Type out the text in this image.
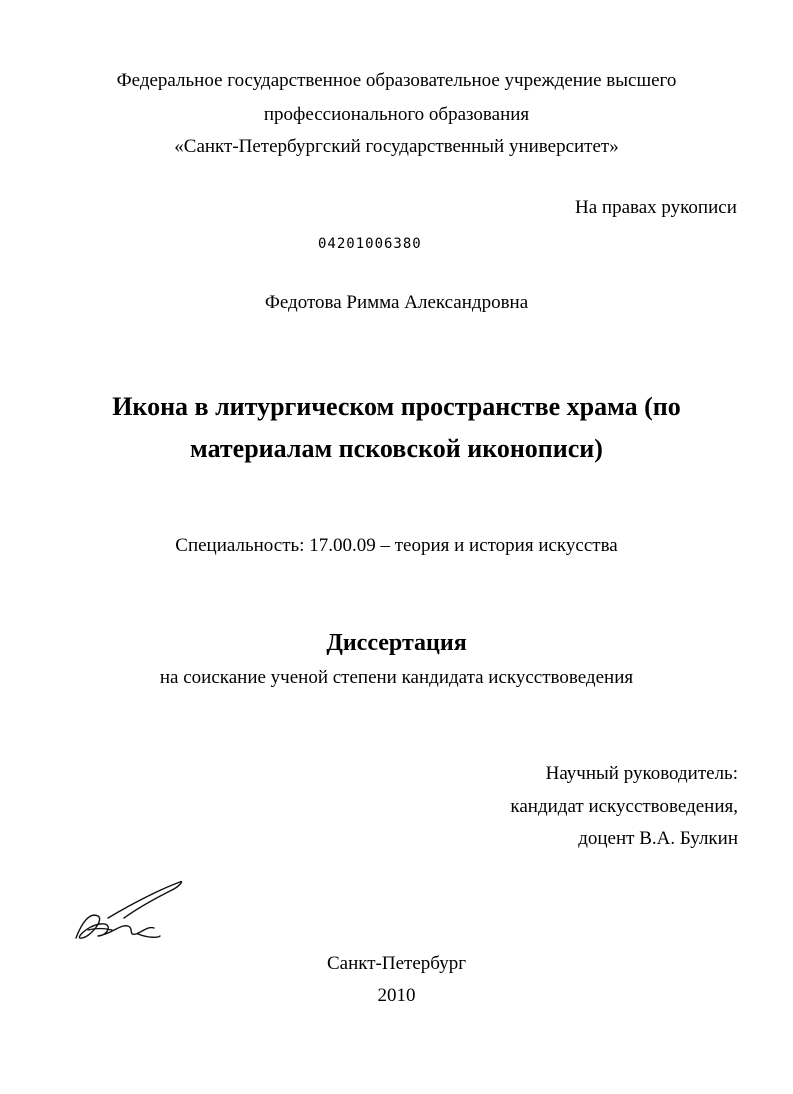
Федеральное государственное образовательное учреждение высшего
профессионального образования
«Санкт-Петербургский государственный университет»
На правах рукописи
04201006380
Федотова Римма Александровна
Икона в литургическом пространстве храма (по
материалам псковской иконописи)
Специальность: 17.00.09 – теория и история искусства
Диссертация
на соискание ученой степени кандидата искусствоведения
Научный руководитель:
кандидат искусствоведения,
доцент В.А. Булкин
Санкт-Петербург
2010
